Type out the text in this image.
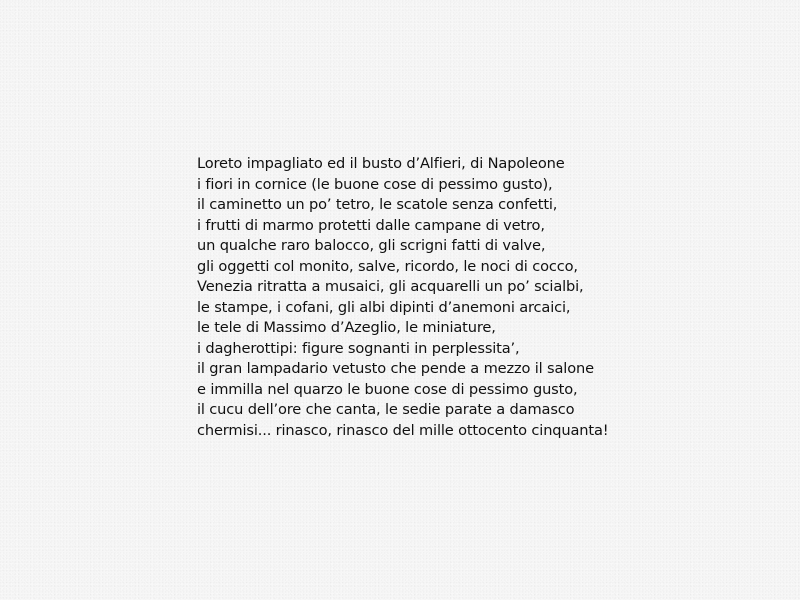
Loreto impagliato ed il busto d’Alfieri, di Napoleone
i fiori in cornice (le buone cose di pessimo gusto),
il caminetto un po’ tetro, le scatole senza confetti,
i frutti di marmo protetti dalle campane di vetro,
un qualche raro balocco, gli scrigni fatti di valve,
gli oggetti col monito, salve, ricordo, le noci di cocco,
Venezia ritratta a musaici, gli acquarelli un po’ scialbi,
le stampe, i cofani, gli albi dipinti d’anemoni arcaici,
le tele di Massimo d’Azeglio, le miniature,
i dagherottipi: figure sognanti in perplessita’,
il gran lampadario vetusto che pende a mezzo il salone
e immilla nel quarzo le buone cose di pessimo gusto,
il cucu dell’ore che canta, le sedie parate a damasco
chermisi... rinasco, rinasco del mille ottocento cinquanta!
